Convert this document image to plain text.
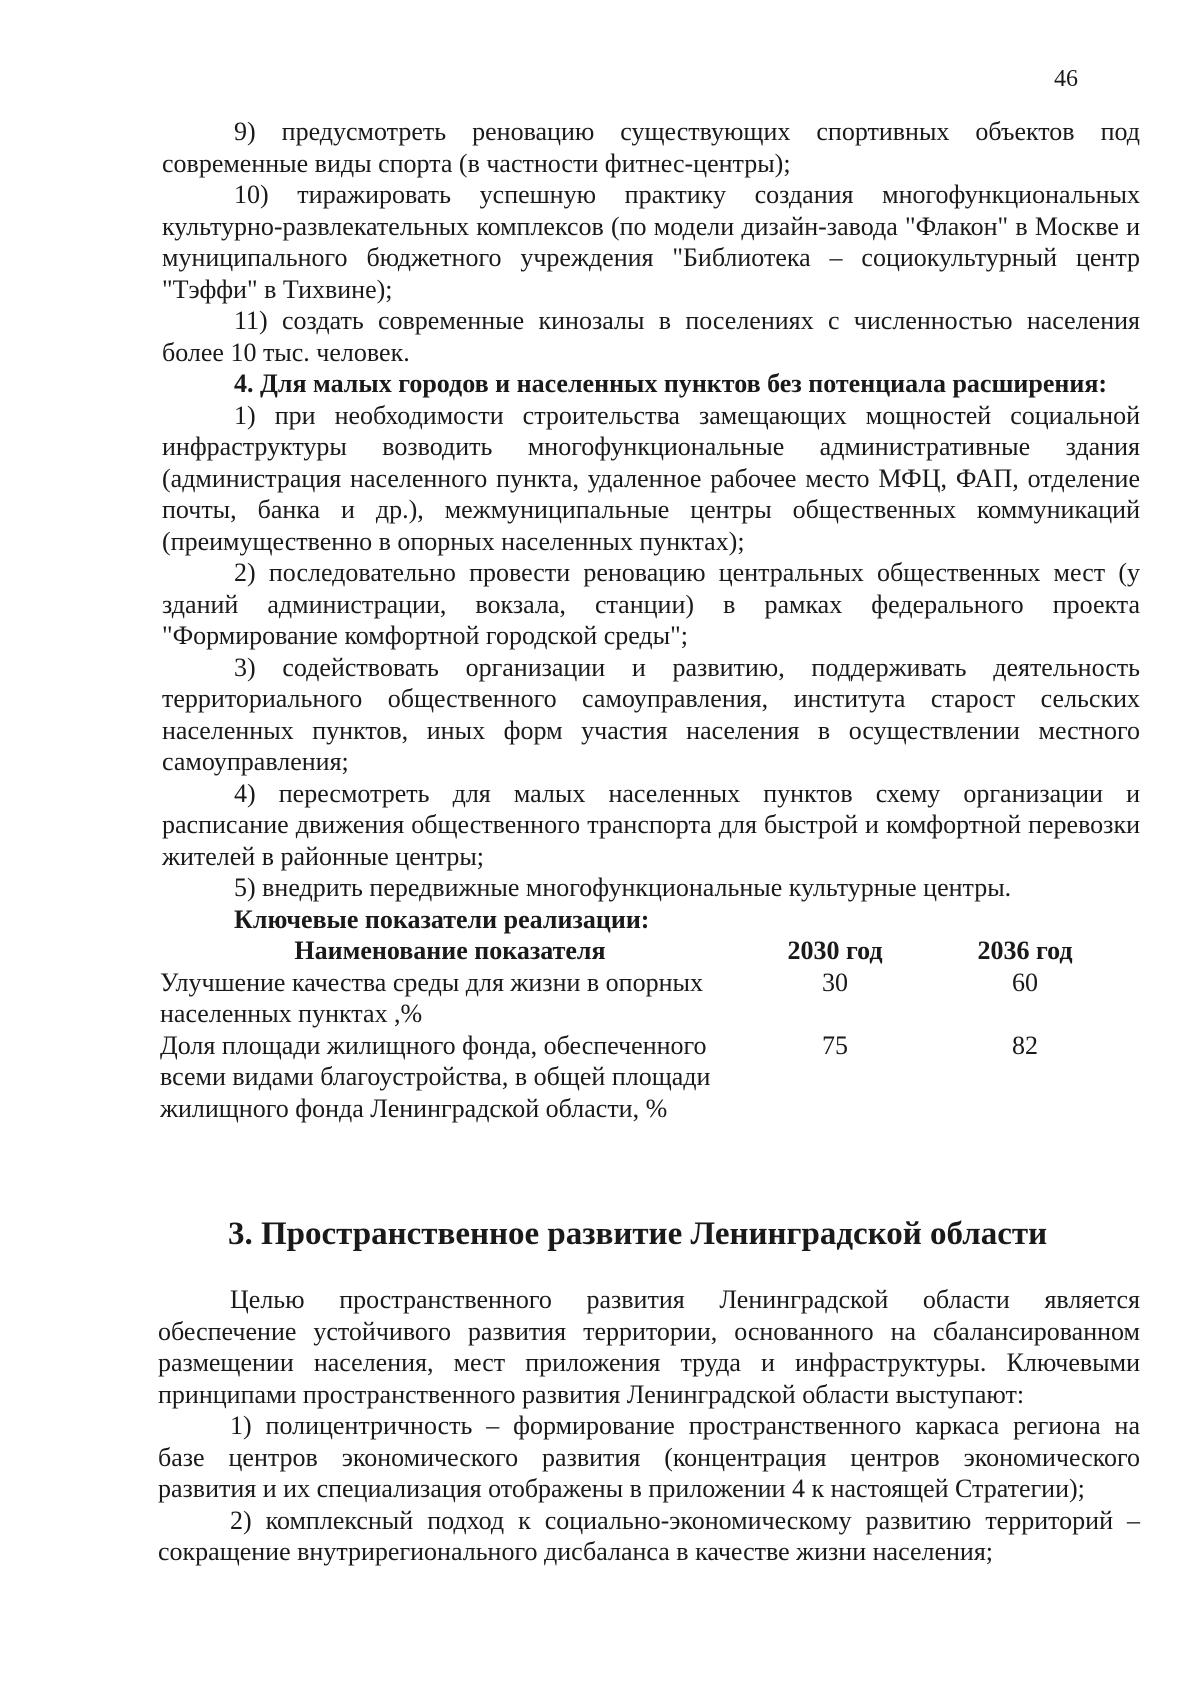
46

9) предусмотреть реновацию существующих спортивных объектов под современные виды спорта (в частности фитнес-центры);

10) тиражировать успешную практику создания многофункциональных культурно-развлекательных комплексов (по модели дизайн-завода "Флакон" в Москве и муниципального бюджетного учреждения "Библиотека – социокультурный центр "Тэффи" в Тихвине);

11) создать современные кинозалы в поселениях с численностью населения более 10 тыс. человек.

4. Для малых городов и населенных пунктов без потенциала расширения:

1) при необходимости строительства замещающих мощностей социальной инфраструктуры возводить многофункциональные административные здания (администрация населенного пункта, удаленное рабочее место МФЦ, ФАП, отделение почты, банка и др.), межмуниципальные центры общественных коммуникаций (преимущественно в опорных населенных пунктах);

2) последовательно провести реновацию центральных общественных мест (у зданий администрации, вокзала, станции) в рамках федерального проекта "Формирование комфортной городской среды";

3) содействовать организации и развитию, поддерживать деятельность территориального общественного самоуправления, института старост сельских населенных пунктов, иных форм участия населения в осуществлении местного самоуправления;

4) пересмотреть для малых населенных пунктов схему организации и расписание движения общественного транспорта для быстрой и комфортной перевозки жителей в районные центры;

5) внедрить передвижные многофункциональные культурные центры.

Ключевые показатели реализации:

Наименование показателя	2030 год	2036 год
Улучшение качества среды для жизни в опорных населенных пунктах ,%	30	60
Доля площади жилищного фонда, обеспеченного всеми видами благоустройства, в общей площади жилищного фонда Ленинградской области, %	75	82
3. Пространственное развитие Ленинградской области

Целью пространственного развития Ленинградской области является обеспечение устойчивого развития территории, основанного на сбалансированном размещении населения, мест приложения труда и инфраструктуры. Ключевыми принципами пространственного развития Ленинградской области выступают:

1) полицентричность – формирование пространственного каркаса региона на базе центров экономического развития (концентрация центров экономического развития и их специализация отображены в приложении 4 к настоящей Стратегии);

2) комплексный подход к социально-экономическому развитию территорий – сокращение внутрирегионального дисбаланса в качестве жизни населения;
